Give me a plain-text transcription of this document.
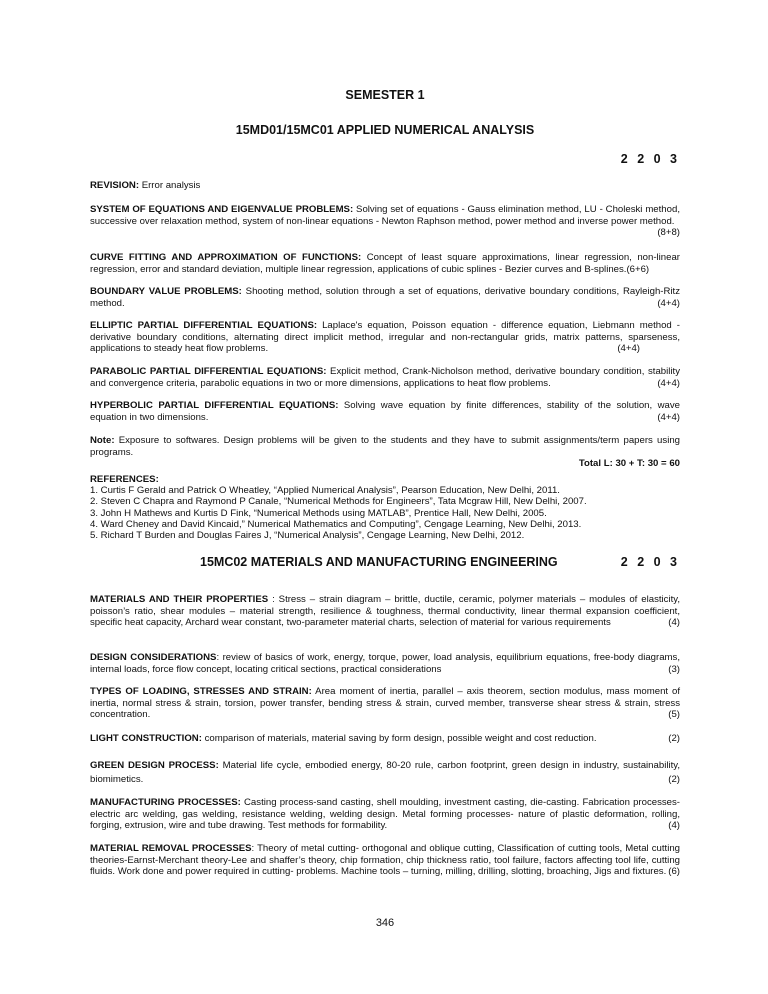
SEMESTER 1
15MD01/15MC01 APPLIED NUMERICAL ANALYSIS
2 2 0 3
REVISION: Error analysis
SYSTEM OF EQUATIONS AND EIGENVALUE PROBLEMS: Solving set of equations - Gauss elimination method, LU - Choleski method, successive over relaxation method, system of non-linear equations - Newton Raphson method, power method and inverse power method.
(8+8)
CURVE FITTING AND APPROXIMATION OF FUNCTIONS: Concept of least square approximations, linear regression, non-linear regression, error and standard deviation, multiple linear regression, applications of cubic splines - Bezier curves and B-splines.(6+6)
BOUNDARY VALUE PROBLEMS: Shooting method, solution through a set of equations, derivative boundary conditions, Rayleigh-Ritz method.	(4+4)
ELLIPTIC PARTIAL DIFFERENTIAL EQUATIONS: Laplace's equation, Poisson equation - difference equation, Liebmann method - derivative boundary conditions, alternating direct implicit method, irregular and non-rectangular grids, matrix patterns, sparseness, applications to steady heat flow problems.	(4+4)
PARABOLIC PARTIAL DIFFERENTIAL EQUATIONS: Explicit method, Crank-Nicholson method, derivative boundary condition, stability and convergence criteria, parabolic equations in two or more dimensions, applications to heat flow problems.	(4+4)
HYPERBOLIC PARTIAL DIFFERENTIAL EQUATIONS: Solving wave equation by finite differences, stability of the solution, wave equation in two dimensions.	(4+4)
Note: Exposure to softwares. Design problems will be given to the students and they have to submit assignments/term papers using programs.
Total L: 30 + T: 30 = 60
REFERENCES:
1. Curtis F Gerald and Patrick O Wheatley, “Applied Numerical Analysis”, Pearson Education, New Delhi, 2011.
2. Steven C Chapra and Raymond P Canale, “Numerical Methods for Engineers”, Tata Mcgraw Hill, New Delhi, 2007.
3. John H Mathews and Kurtis D Fink, “Numerical Methods using MATLAB”, Prentice Hall, New Delhi, 2005.
4. Ward Cheney and David Kincaid,” Numerical Mathematics and Computing”, Cengage Learning, New Delhi, 2013.
5. Richard T Burden and Douglas Faires J, “Numerical Analysis”, Cengage Learning, New Delhi, 2012.
15MC02 MATERIALS AND MANUFACTURING ENGINEERING	2 2 0 3
MATERIALS AND THEIR PROPERTIES : Stress – strain diagram – brittle, ductile, ceramic, polymer materials – modules of elasticity, poisson’s ratio, shear modules – material strength, resilience & toughness, thermal conductivity, linear thermal expansion coefficient, specific heat capacity, Archard wear constant, two-parameter material charts, selection of material for various requirements	(4)
DESIGN CONSIDERATIONS: review of basics of work, energy, torque, power, load analysis, equilibrium equations, free-body diagrams, internal loads, force flow concept, locating critical sections, practical considerations	(3)
TYPES OF LOADING, STRESSES AND STRAIN: Area moment of inertia, parallel – axis theorem, section modulus, mass moment of inertia, normal stress & strain, torsion, power transfer, bending stress & strain, curved member, transverse shear stress & strain, stress concentration.	(5)
LIGHT CONSTRUCTION: comparison of materials, material saving by form design, possible weight and cost reduction.	(2)
GREEN DESIGN PROCESS: Material life cycle, embodied energy, 80-20 rule, carbon footprint, green design in industry, sustainability, biomimetics.	(2)
MANUFACTURING PROCESSES: Casting process-sand casting, shell moulding, investment casting, die-casting. Fabrication processes- electric arc welding, gas welding, resistance welding, welding design. Metal forming processes- nature of plastic deformation, rolling, forging, extrusion, wire and tube drawing. Test methods for formability.	(4)
MATERIAL REMOVAL PROCESSES: Theory of metal cutting- orthogonal and oblique cutting, Classification of cutting tools, Metal cutting theories-Earnst-Merchant theory-Lee and shaffer’s theory, chip formation, chip thickness ratio, tool failure, factors affecting tool life, cutting fluids. Work done and power required in cutting- problems. Machine tools – turning, milling, drilling, slotting, broaching, Jigs and fixtures. (6)
346
